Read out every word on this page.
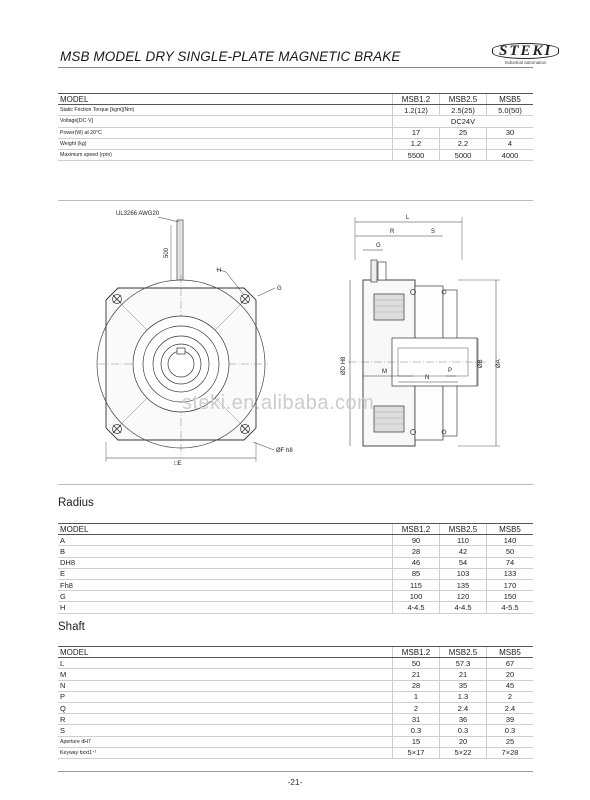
MSB MODEL DRY SINGLE-PLATE MAGNETIC BRAKE	STEKI
Industrial automation
MODEL	MSB1.2	MSB2.5	MSB5
Static Friction Torque [kgm](Nm)	1.2(12)	2.5(25)	5.0(50)
Voltage[DC·V]	DC24V		
Power(W) at 20°C	17	25	30
Weight (kg)	1.2	2.2	4
Maximum speed (rpm)	5500	5000	4000
UL3266 AWG20
500
H
G
□E
ØF h8
L
R	S
G
M
N
P
ØD H8	ØB ØA
steki.en.alibaba.com
Radius
MODEL	MSB1.2	MSB2.5	MSB5
A	90	110	140
B	28	42	50
DH8	46	54	74
E	85	103	133
Fh8	115	135	170
G	100	120	150
H	4-4.5	4-4.5	4-5.5
Shaft
MODEL	MSB1.2	MSB2.5	MSB5
L	50	57.3	67
M	21	21	20
N	28	35	45
P	1	1.3	2
Q	2	2.4	2.4
R	31	36	39
S	0.3	0.3	0.3
Aperture dH7	15	20	25
Keyway bxxt1⁺¹	5×17	5×22	7×28
-21-
